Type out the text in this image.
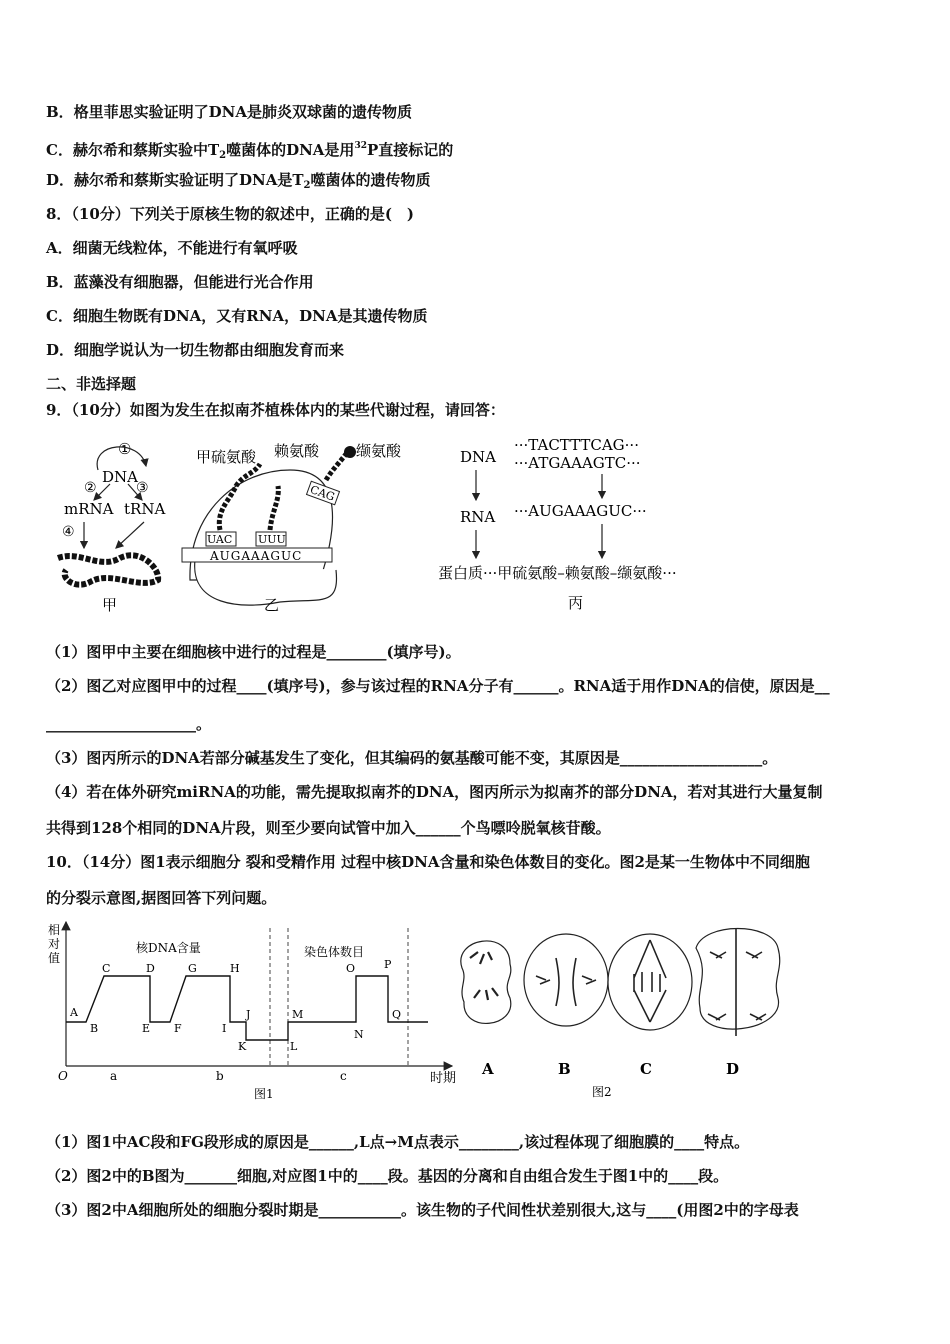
B．格里菲思实验证明了DNA是肺炎双球菌的遗传物质
C．赫尔希和蔡斯实验中$T_2$噬菌体的DNA是用$^{32}$P直接标记的
D．赫尔希和蔡斯实验证明了DNA是$T_2$噬菌体的遗传物质
8．（10分）下列关于原核生物的叙述中，正确的是(　)
A．细菌无线粒体，不能进行有氧呼吸
B．蓝藻没有细胞器，但能进行光合作用
C．细胞生物既有DNA，又有RNA，DNA是其遗传物质
D．细胞学说认为一切生物都由细胞发育而来
二、非选择题
9．（10分）如图为发生在拟南芥植株体内的某些代谢过程，请回答：
①
DNA
②	③
mRNA tRNA
④
甲
AUGAAAGUC
UAC UUU
CAG
甲硫氨酸 赖氨酸 缬氨酸
乙
DNA
RNA
···TACTTTCAG···
···ATGAAAGTC···
···AUGAAAGUC···
蛋白质···甲硫氨酸–赖氨酸–缬氨酸···
丙
（1）图甲中主要在细胞核中进行的过程是________(填序号)。
（2）图乙对应图甲中的过程____(填序号)，参与该过程的RNA分子有______。RNA适于用作DNA的信使，原因是__
____________________。
（3）图丙所示的DNA若部分碱基发生了变化，但其编码的氨基酸可能不变，其原因是___________________。
（4）若在体外研究miRNA的功能，需先提取拟南芥的DNA，图丙所示为拟南芥的部分DNA，若对其进行大量复制
共得到128个相同的DNA片段，则至少要向试管中加入______个鸟嘌呤脱氧核苷酸。
10．（14分）图1表示细胞分 裂和受精作用 过程中核DNA含量和染色体数目的变化。图2是某一生物体中不同细胞
的分裂示意图,据图回答下列问题。
相
对
值
O	时期
核DNA含量	染色体数目
A
B
C	D
E F
G	H
I
J
K	L
M
N
O	P
Q
a	b	c
图1
A	B	C	D
图2
（1）图1中AC段和FG段形成的原因是______,L点→M点表示________,该过程体现了细胞膜的____特点。
（2）图2中的B图为_______细胞,对应图1中的____段。基因的分离和自由组合发生于图1中的____段。
（3）图2中A细胞所处的细胞分裂时期是___________。该生物的子代间性状差别很大,这与____(用图2中的字母表
